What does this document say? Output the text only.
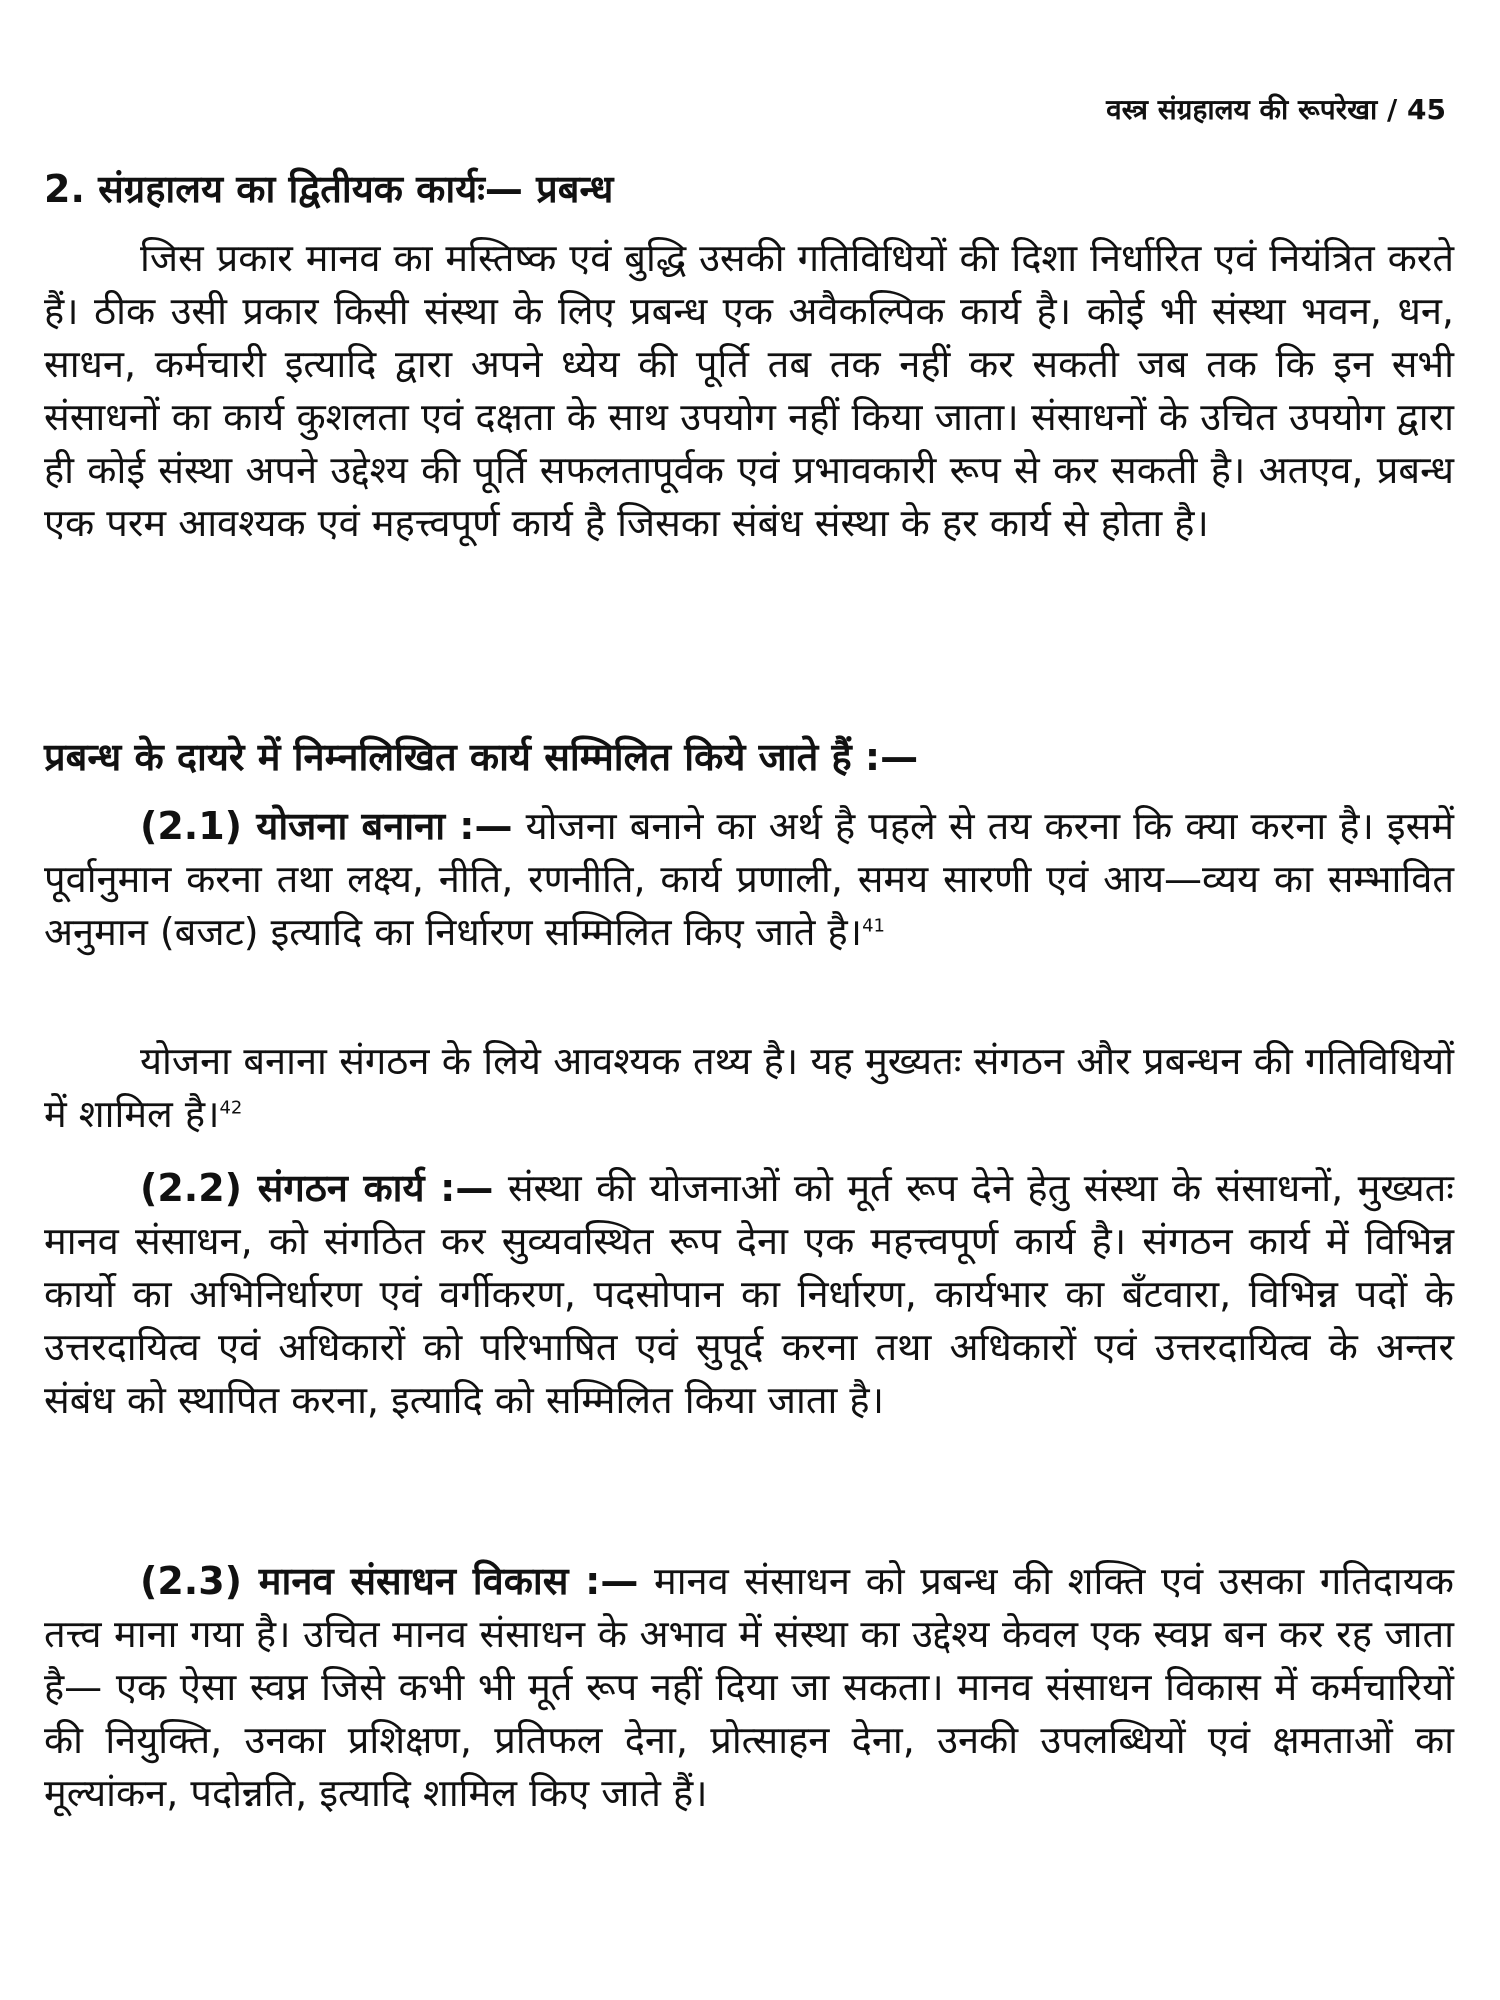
वस्त्र संग्रहालय की रूपरेखा / 45
2. संग्रहालय का द्वितीयक कार्यः— प्रबन्ध

जिस प्रकार मानव का मस्तिष्क एवं बुद्धि उसकी गतिविधियों की दिशा निर्धारित एवं नियंत्रित करते हैं। ठीक उसी प्रकार किसी संस्था के लिए प्रबन्ध एक अवैकल्पिक कार्य है। कोई भी संस्था भवन, धन, साधन, कर्मचारी इत्यादि द्वारा अपने ध्येय की पूर्ति तब तक नहीं कर सकती जब तक कि इन सभी संसाधनों का कार्य कुशलता एवं दक्षता के साथ उपयोग नहीं किया जाता। संसाधनों के उचित उपयोग द्वारा ही कोई संस्था अपने उद्देश्य की पूर्ति सफलतापूर्वक एवं प्रभावकारी रूप से कर सकती है। अतएव, प्रबन्ध एक परम आवश्यक एवं महत्त्वपूर्ण कार्य है जिसका संबंध संस्था के हर कार्य से होता है।

प्रबन्ध के दायरे में निम्नलिखित कार्य सम्मिलित किये जाते हैं :—

(2.1) योजना बनाना :— योजना बनाने का अर्थ है पहले से तय करना कि क्या करना है। इसमें पूर्वानुमान करना तथा लक्ष्य, नीति, रणनीति, कार्य प्रणाली, समय सारणी एवं आय—व्यय का सम्भावित अनुमान (बजट) इत्यादि का निर्धारण सम्मिलित किए जाते है।$^{41}$

योजना बनाना संगठन के लिये आवश्यक तथ्य है। यह मुख्यतः संगठन और प्रबन्धन की गतिविधियों में शामिल है।$^{42}$

(2.2) संगठन कार्य :— संस्था की योजनाओं को मूर्त रूप देने हेतु संस्था के संसाधनों, मुख्यतः मानव संसाधन, को संगठित कर सुव्यवस्थित रूप देना एक महत्त्वपूर्ण कार्य है। संगठन कार्य में विभिन्न कार्यो का अभिनिर्धारण एवं वर्गीकरण, पदसोपान का निर्धारण, कार्यभार का बँटवारा, विभिन्न पदों के उत्तरदायित्व एवं अधिकारों को परिभाषित एवं सुपूर्द करना तथा अधिकारों एवं उत्तरदायित्व के अन्तर संबंध को स्थापित करना, इत्यादि को सम्मिलित किया जाता है।

(2.3) मानव संसाधन विकास :— मानव संसाधन को प्रबन्ध की शक्ति एवं उसका गतिदायक तत्त्व माना गया है। उचित मानव संसाधन के अभाव में संस्था का उद्देश्य केवल एक स्वप्न बन कर रह जाता है— एक ऐसा स्वप्न जिसे कभी भी मूर्त रूप नहीं दिया जा सकता। मानव संसाधन विकास में कर्मचारियों की नियुक्ति, उनका प्रशिक्षण, प्रतिफल देना, प्रोत्साहन देना, उनकी उपलब्धियों एवं क्षमताओं का मूल्यांकन, पदोन्नति, इत्यादि शामिल किए जाते हैं।
